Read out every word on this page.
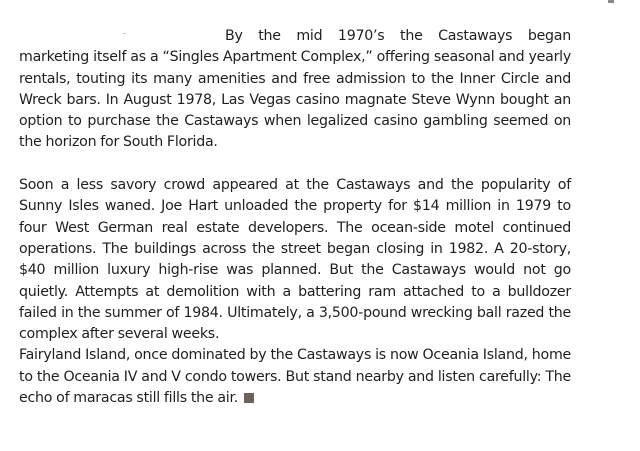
By the mid 1970’s the Castaways began marketing itself as a “Singles Apartment Complex,” offering seasonal and yearly rentals, touting its many amenities and free admission to the Inner Circle and Wreck bars. In August 1978, Las Vegas casino magnate Steve Wynn bought an option to purchase the Castaways when legalized casino gambling seemed on the horizon for South Florida.

Soon a less savory crowd appeared at the Castaways and the popularity of Sunny Isles waned. Joe Hart unloaded the property for $14 million in 1979 to four West German real estate developers. The ocean-side motel continued operations. The buildings across the street began closing in 1982. A 20-story, $40 million luxury high-rise was planned. But the Castaways would not go quietly. Attempts at demolition with a battering ram attached to a bulldozer failed in the summer of 1984. Ultimately, a 3,500-pound wrecking ball razed the complex after several weeks.

Fairyland Island, once dominated by the Castaways is now Oceania Island, home to the Oceania IV and V condo towers. But stand nearby and listen carefully: The echo of maracas still fills the air.
